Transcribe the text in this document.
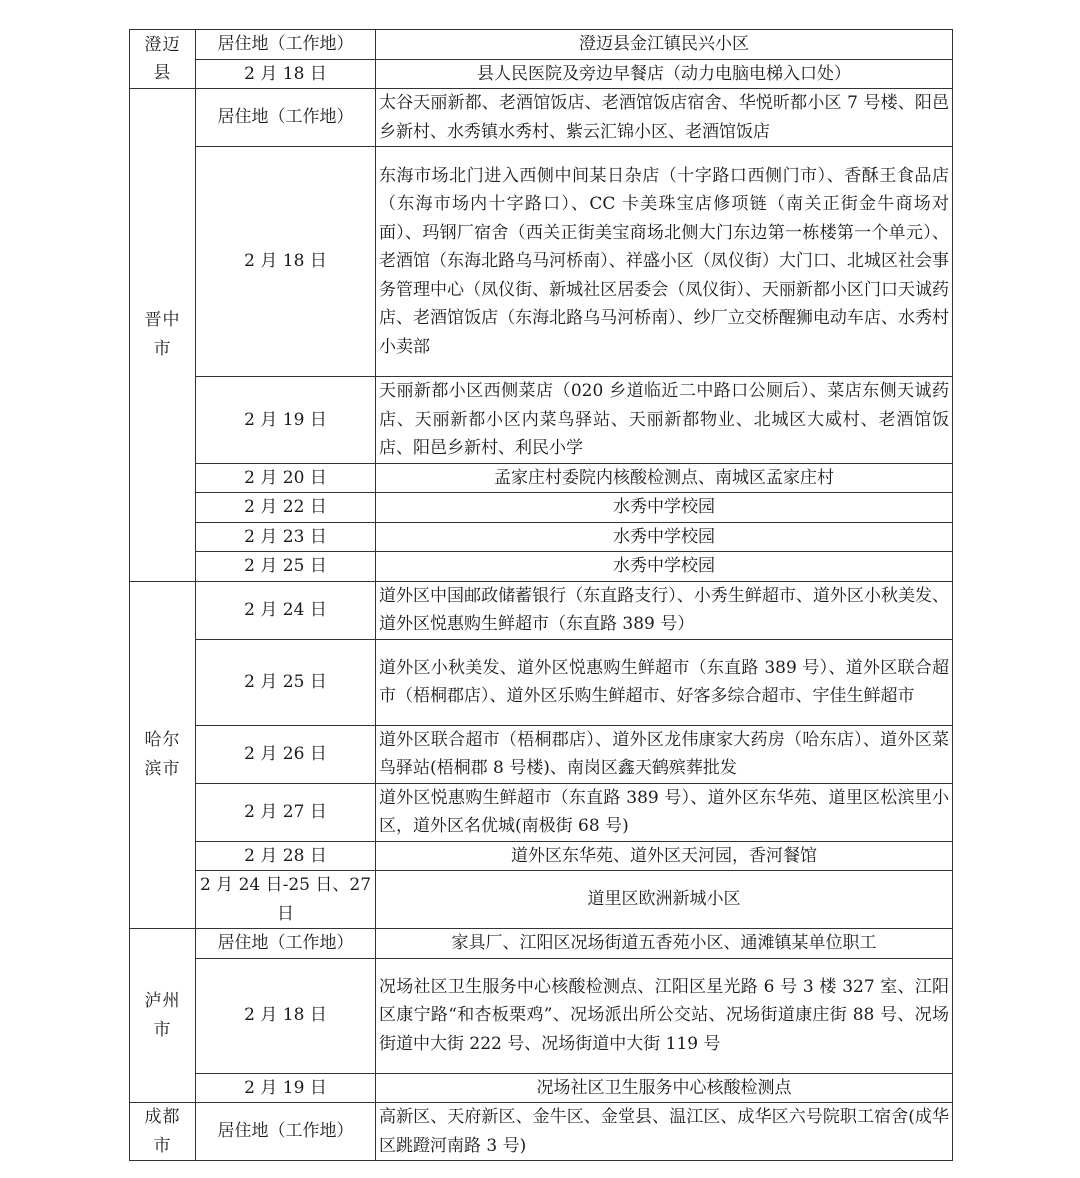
澄迈县	居住地（工作地）	澄迈县金江镇民兴小区
	2 月 18 日	县人民医院及旁边早餐店（动力电脑电梯入口处）

晋中市	居住地（工作地）	太谷天丽新都、老酒馆饭店、老酒馆饭店宿舍、华悦昕都小区 7 号楼、阳邑乡新村、水秀镇水秀村、紫云汇锦小区、老酒馆饭店
	2 月 18 日	东海市场北门进入西侧中间某日杂店（十字路口西侧门市）、香酥王食品店（东海市场内十字路口）、CC 卡美珠宝店修项链（南关正街金牛商场对面）、玛钢厂宿舍（西关正街美宝商场北侧大门东边第一栋楼第一个单元）、老酒馆（东海北路乌马河桥南）、祥盛小区（凤仪街）大门口、北城区社会事务管理中心（凤仪街、新城社区居委会（凤仪街）、天丽新都小区门口天诚药店、老酒馆饭店（东海北路乌马河桥南）、纱厂立交桥醒狮电动车店、水秀村小卖部
	2 月 19 日	天丽新都小区西侧菜店（020 乡道临近二中路口公厕后）、菜店东侧天诚药店、天丽新都小区内菜鸟驿站、天丽新都物业、北城区大威村、老酒馆饭店、阳邑乡新村、利民小学
	2 月 20 日	孟家庄村委院内核酸检测点、南城区孟家庄村
	2 月 22 日	水秀中学校园
	2 月 23 日	水秀中学校园
	2 月 25 日	水秀中学校园

哈尔滨市	2 月 24 日	道外区中国邮政储蓄银行（东直路支行）、小秀生鲜超市、道外区小秋美发、道外区悦惠购生鲜超市（东直路 389 号）
	2 月 25 日	道外区小秋美发、道外区悦惠购生鲜超市（东直路 389 号）、道外区联合超市（梧桐郡店）、道外区乐购生鲜超市、好客多综合超市、宇佳生鲜超市
	2 月 26 日	道外区联合超市（梧桐郡店）、道外区龙伟康家大药房（哈东店）、道外区菜鸟驿站(梧桐郡 8 号楼)、南岗区鑫天鹤殡葬批发
	2 月 27 日	道外区悦惠购生鲜超市（东直路 389 号）、道外区东华苑、道里区松滨里小区，道外区名优城(南极街 68 号)
	2 月 28 日	道外区东华苑、道外区天河园，香河餐馆
	2 月 24 日-25 日、27 日	道里区欧洲新城小区

泸州市	居住地（工作地）	家具厂、江阳区况场街道五香苑小区、通滩镇某单位职工
	2 月 18 日	况场社区卫生服务中心核酸检测点、江阳区星光路 6 号 3 楼 327 室、江阳区康宁路“和杏板栗鸡”、况场派出所公交站、况场街道康庄街 88 号、况场街道中大街 222 号、况场街道中大街 119 号
	2 月 19 日	况场社区卫生服务中心核酸检测点

成都市	居住地（工作地）	高新区、天府新区、金牛区、金堂县、温江区、成华区六号院职工宿舍(成华区跳蹬河南路 3 号)
